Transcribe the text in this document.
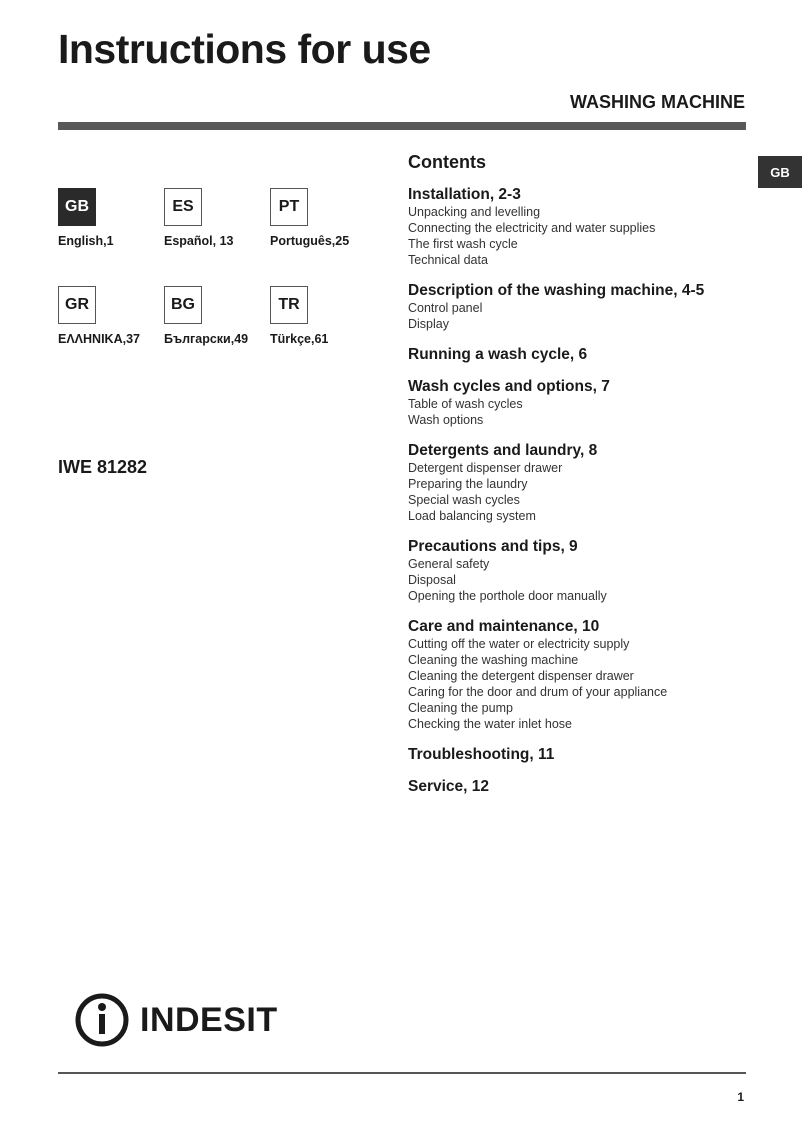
Instructions for use
WASHING MACHINE
GB
GB
English,1
ES
Español, 13
PT
Português,25
GR
ΕΛΛΗΝΙΚΑ,37
BG
Български,49
TR
Türkçe,61
IWE 81282
Contents
Installation, 2-3
Unpacking and levelling
Connecting the electricity and water supplies
The first wash cycle
Technical data
Description of the washing machine, 4-5
Control panel
Display
Running a wash cycle, 6
Wash cycles and options, 7
Table of wash cycles
Wash options
Detergents and laundry, 8
Detergent dispenser drawer
Preparing the laundry
Special wash cycles
Load balancing system
Precautions and tips, 9
General safety
Disposal
Opening the porthole door manually
Care and maintenance, 10
Cutting off the water or electricity supply
Cleaning the washing machine
Cleaning the detergent dispenser drawer
Caring for the door and drum of your appliance
Cleaning the pump
Checking the water inlet hose
Troubleshooting, 11
Service, 12
INDESIT
1
